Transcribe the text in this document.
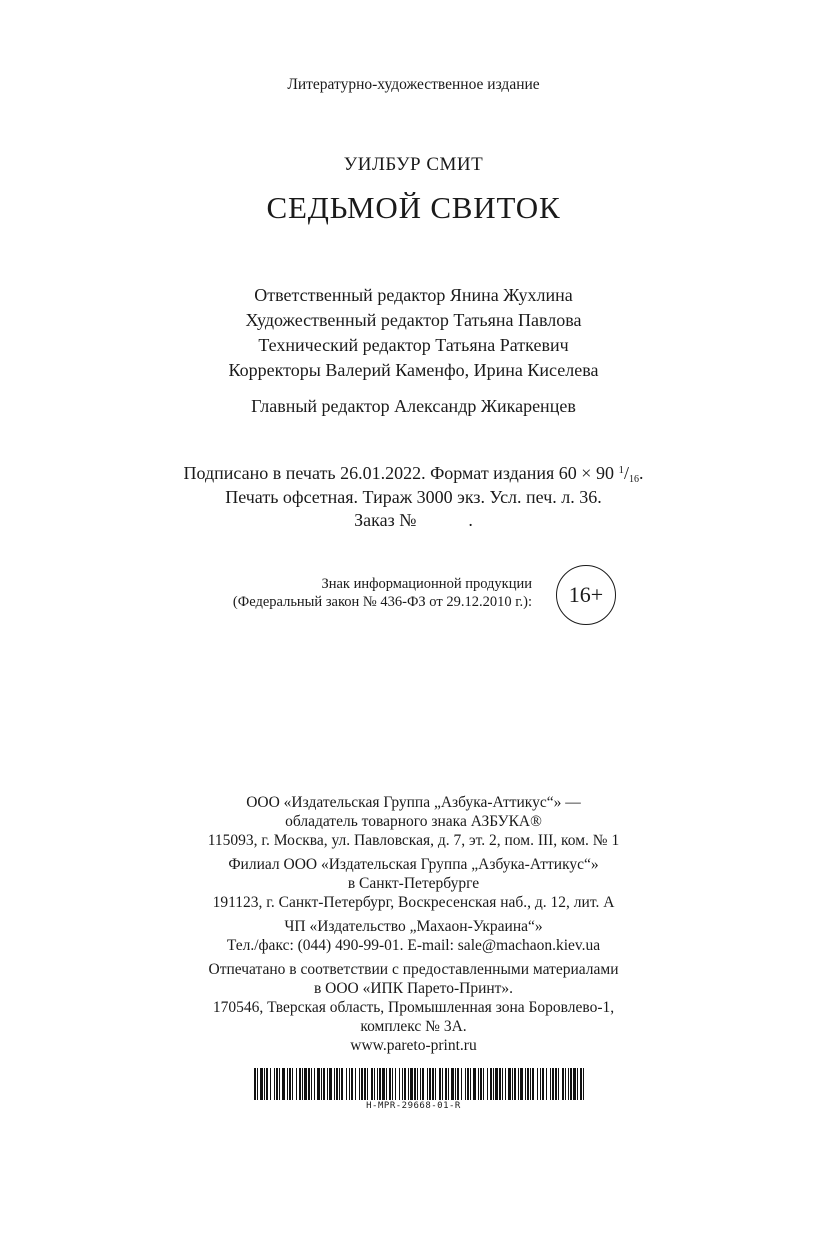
Литературно-художественное издание
УИЛБУР СМИТ
СЕДЬМОЙ СВИТОК
Ответственный редактор Янина Жухлина
Художественный редактор Татьяна Павлова
Технический редактор Татьяна Раткевич
Корректоры Валерий Каменфо, Ирина Киселева
Главный редактор Александр Жикаренцев
Подписано в печать 26.01.2022. Формат издания 60 × 90 $^1/_{16}$.
Печать офсетная. Тираж 3000 экз. Усл. печ. л. 36.
Заказ №	.
Знак информационной продукции
(Федеральный закон № 436-ФЗ от 29.12.2010 г.):	16+
ООО «Издательская Группа „Азбука-Аттикус“» —
обладатель товарного знака АЗБУКА®
115093, г. Москва, ул. Павловская, д. 7, эт. 2, пом. III, ком. № 1
Филиал ООО «Издательская Группа „Азбука-Аттикус“»
в Санкт-Петербурге
191123, г. Санкт-Петербург, Воскресенская наб., д. 12, лит. А
ЧП «Издательство „Махаон-Украина“»
Тел./факс: (044) 490-99-01. E-mail: sale@machaon.kiev.ua
Отпечатано в соответствии с предоставленными материалами
в ООО «ИПК Парето-Принт».
170546, Тверская область, Промышленная зона Боровлево-1,
комплекс № 3А.
www.pareto-print.ru
H-MPR-29668-01-R
